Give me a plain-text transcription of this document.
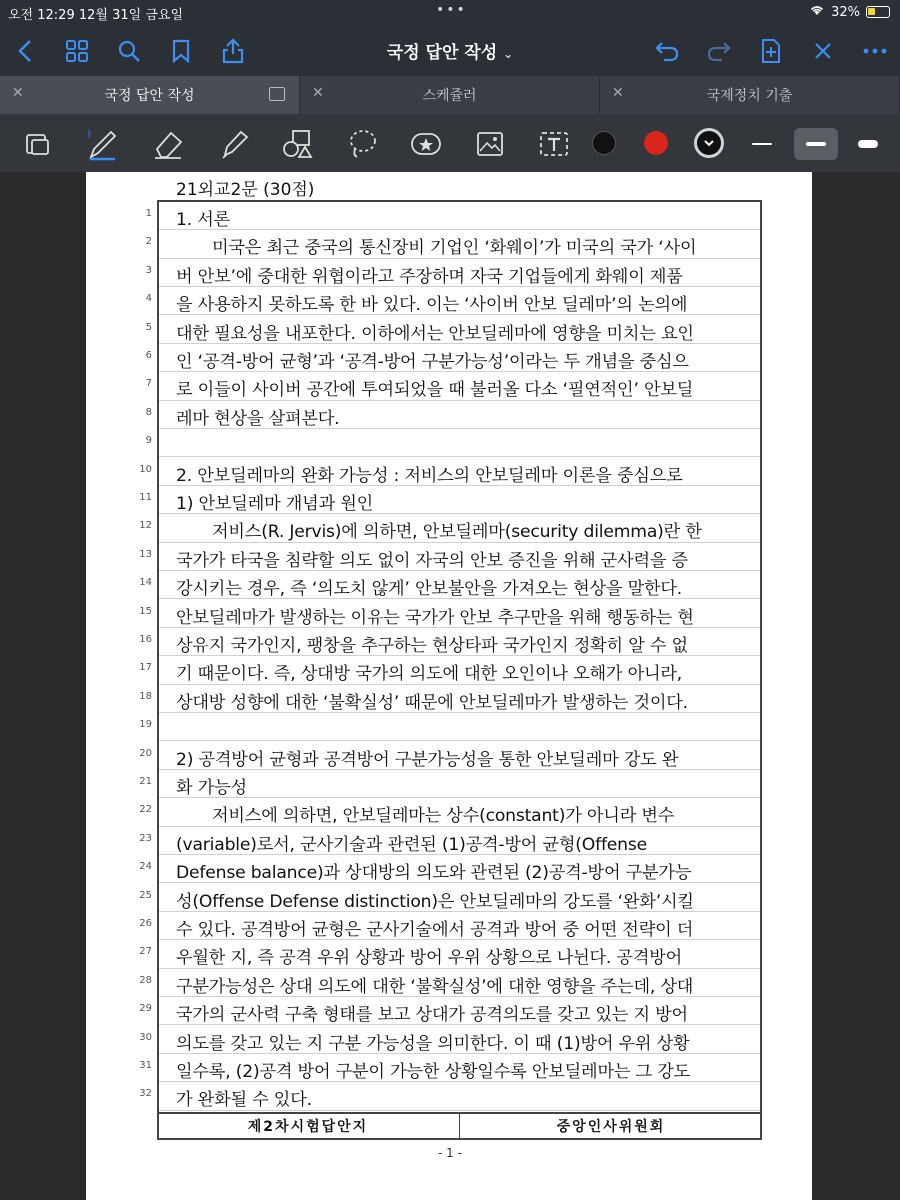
오전 12:29 12월 31일 금요일	•••	32%
국정 답안 작성 ⌄
✕	국정 답안 작성	✕	스케쥴러	✕	국제정치 기출
ᛒ
21외교2문 (30점)
1 1. 서론
2	미국은 최근 중국의 통신장비 기업인 ‘화웨이’가 미국의 국가 ‘사이
3 버 안보’에 중대한 위협이라고 주장하며 자국 기업들에게 화웨이 제품
4 을 사용하지 못하도록 한 바 있다. 이는 ‘사이버 안보 딜레마’의 논의에
5 대한 필요성을 내포한다. 이하에서는 안보딜레마에 영향을 미치는 요인
6 인 ‘공격-방어 균형’과 ‘공격-방어 구분가능성’이라는 두 개념을 중심으
7 로 이들이 사이버 공간에 투여되었을 때 불러올 다소 ‘필연적인’ 안보딜
8 레마 현상을 살펴본다.
9
10 2. 안보딜레마의 완화 가능성 : 저비스의 안보딜레마 이론을 중심으로
11 1) 안보딜레마 개념과 원인
12	저비스(R. Jervis)에 의하면, 안보딜레마(security dilemma)란 한
13 국가가 타국을 침략할 의도 없이 자국의 안보 증진을 위해 군사력을 증
14 강시키는 경우, 즉 ‘의도치 않게’ 안보불안을 가져오는 현상을 말한다.
15 안보딜레마가 발생하는 이유는 국가가 안보 추구만을 위해 행동하는 현
16 상유지 국가인지, 팽창을 추구하는 현상타파 국가인지 정확히 알 수 없
17 기 때문이다. 즉, 상대방 국가의 의도에 대한 오인이나 오해가 아니라,
18 상대방 성향에 대한 ‘불확실성’ 때문에 안보딜레마가 발생하는 것이다.
19
20 2) 공격방어 균형과 공격방어 구분가능성을 통한 안보딜레마 강도 완
21 화 가능성
22	저비스에 의하면, 안보딜레마는 상수(constant)가 아니라 변수
23 (variable)로서, 군사기술과 관련된 (1)공격-방어 균형(Offense
24 Defense balance)과 상대방의 의도와 관련된 (2)공격-방어 구분가능
25 성(Offense Defense distinction)은 안보딜레마의 강도를 ‘완화’시킬
26 수 있다. 공격방어 균형은 군사기술에서 공격과 방어 중 어떤 전략이 더
27 우월한 지, 즉 공격 우위 상황과 방어 우위 상황으로 나뉜다. 공격방어
28 구분가능성은 상대 의도에 대한 ‘불확실성’에 대한 영향을 주는데, 상대
29 국가의 군사력 구축 형태를 보고 상대가 공격의도를 갖고 있는 지 방어
30 의도를 갖고 있는 지 구분 가능성을 의미한다. 이 때 (1)방어 우위 상황
31 일수록, (2)공격 방어 구분이 가능한 상황일수록 안보딜레마는 그 강도
32 가 완화될 수 있다.
제2차시험답안지	중앙인사위원회
- 1 -
